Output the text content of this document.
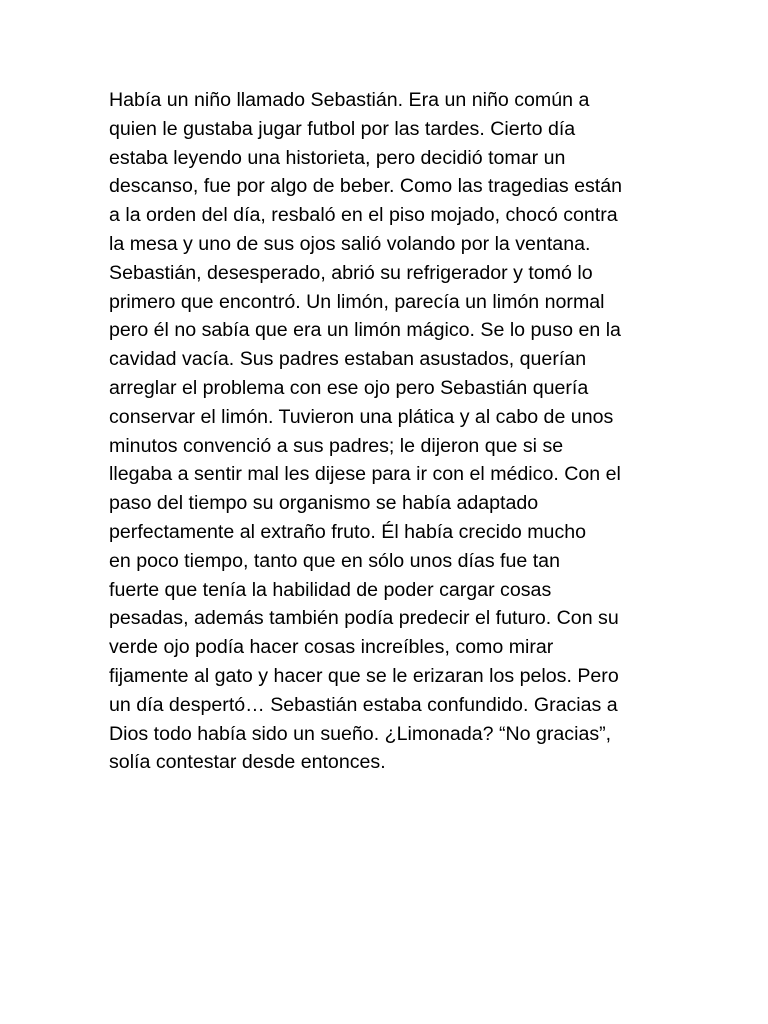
Había un niño llamado Sebastián. Era un niño común a
quien le gustaba jugar futbol por las tardes. Cierto día
estaba leyendo una historieta, pero decidió tomar un
descanso, fue por algo de beber. Como las tragedias están
a la orden del día, resbaló en el piso mojado, chocó contra
la mesa y uno de sus ojos salió volando por la ventana.
Sebastián, desesperado, abrió su refrigerador y tomó lo
primero que encontró. Un limón, parecía un limón normal
pero él no sabía que era un limón mágico. Se lo puso en la
cavidad vacía. Sus padres estaban asustados, querían
arreglar el problema con ese ojo pero Sebastián quería
conservar el limón. Tuvieron una plática y al cabo de unos
minutos convenció a sus padres; le dijeron que si se
llegaba a sentir mal les dijese para ir con el médico. Con el
paso del tiempo su organismo se había adaptado
perfectamente al extraño fruto. Él había crecido mucho
en poco tiempo, tanto que en sólo unos días fue tan
fuerte que tenía la habilidad de poder cargar cosas
pesadas, además también podía predecir el futuro. Con su
verde ojo podía hacer cosas increíbles, como mirar
fijamente al gato y hacer que se le erizaran los pelos. Pero
un día despertó… Sebastián estaba confundido. Gracias a
Dios todo había sido un sueño. ¿Limonada? “No gracias”,
solía contestar desde entonces.
